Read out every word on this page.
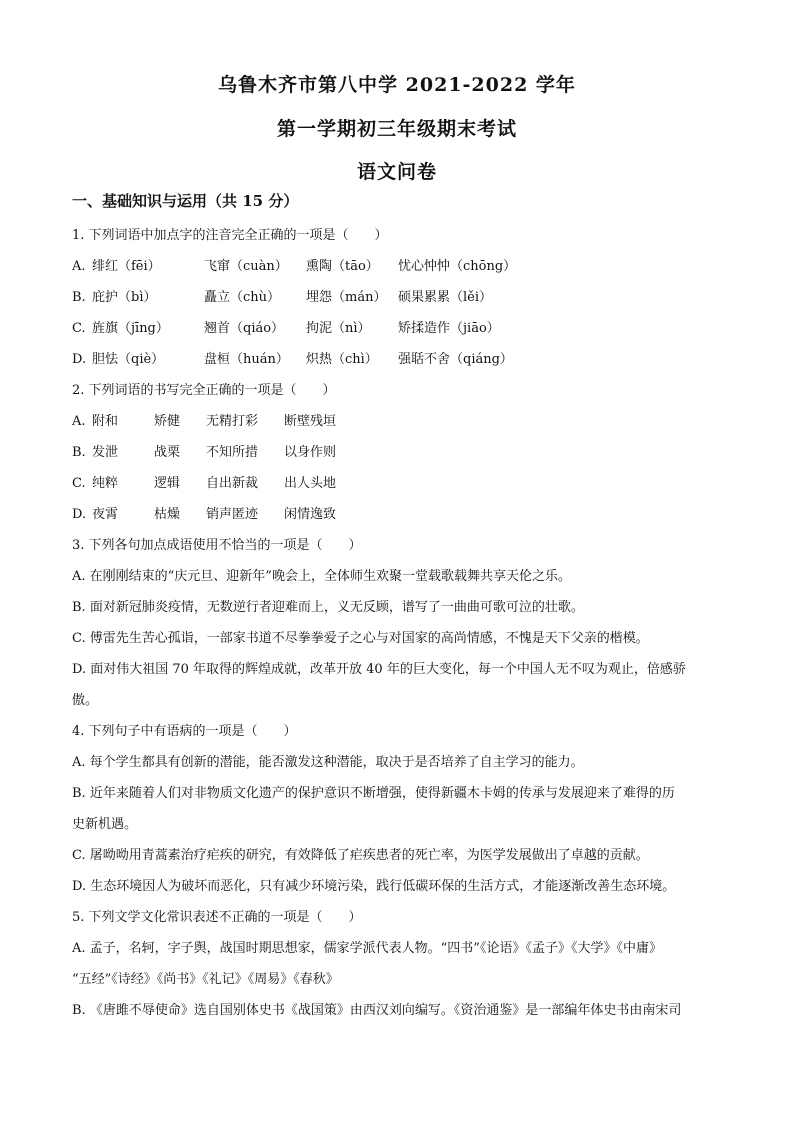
乌鲁木齐市第八中学 2021-2022 学年
第一学期初三年级期末考试
语文问卷
一、基础知识与运用（共 15 分）
1. 下列词语中加点字的注音完全正确的一项是（　　）
A.绯红（fēi）	飞窜（cuàn） 熏陶（tāo） 忧心忡忡（chōng）
B.庇护（bì）	矗立（chù） 埋怨（mán） 硕果累累（lěi）
C.旌旗（jīng）	翘首（qiáo） 拘泥（nì） 矫揉造作（jiāo）
D.胆怯（qiè）	盘桓（huán） 炽热（chì） 强聒不舍（qiáng）
2. 下列词语的书写完全正确的一项是（　　）
A.附和	矫健 无精打彩 断壁残垣
B.发泄	战栗 不知所措 以身作则
C.纯粹	逻辑 自出新裁 出人头地
D.夜霄	枯燥 销声匿迹 闲情逸致
3. 下列各句加点成语使用不恰当的一项是（　　）
A. 在刚刚结束的“庆元旦、迎新年”晚会上，全体师生欢聚一堂载歌载舞共享天伦之乐。
B. 面对新冠肺炎疫情，无数逆行者迎难而上，义无反顾，谱写了一曲曲可歌可泣的壮歌。
C. 傅雷先生苦心孤诣，一部家书道不尽拳拳爱子之心与对国家的高尚情感，不愧是天下父亲的楷模。
D. 面对伟大祖国 70 年取得的辉煌成就，改革开放 40 年的巨大变化，每一个中国人无不叹为观止，倍感骄
傲。
4. 下列句子中有语病的一项是（　　）
A. 每个学生都具有创新的潜能，能否激发这种潜能，取决于是否培养了自主学习的能力。
B. 近年来随着人们对非物质文化遗产的保护意识不断增强，使得新疆木卡姆的传承与发展迎来了难得的历
史新机遇。
C. 屠呦呦用青蒿素治疗疟疾的研究，有效降低了疟疾患者的死亡率，为医学发展做出了卓越的贡献。
D. 生态环境因人为破坏而恶化，只有减少环境污染，践行低碳环保的生活方式，才能逐渐改善生态环境。
5. 下列文学文化常识表述不正确的一项是（　　）
A. 孟子，名轲，字子舆，战国时期思想家，儒家学派代表人物。“四书”《论语》《孟子》《大学》《中庸》
“五经”《诗经》《尚书》《礼记》《周易》《春秋》
B. 《唐雎不辱使命》选自国别体史书《战国策》由西汉刘向编写。《资治通鉴》是一部编年体史书由南宋司
